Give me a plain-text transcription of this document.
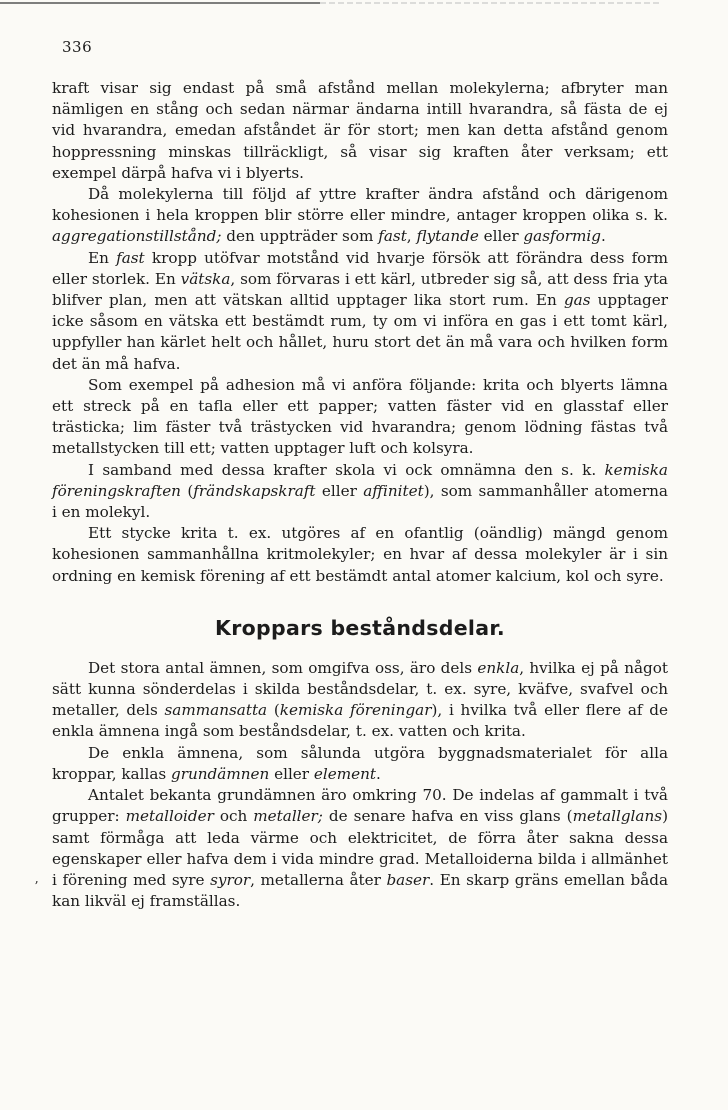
336
ʼ

kraft visar sig endast på små afstånd mellan molekylerna; afbryter man nämligen en stång och sedan närmar ändarna intill hvarandra, så fästa de ej vid hvarandra, emedan afståndet är för stort; men kan detta afstånd genom hoppressning minskas tillräckligt, så visar sig kraften åter verksam; ett exempel därpå hafva vi i blyerts.

Då molekylerna till följd af yttre krafter ändra afstånd och därigenom kohesionen i hela kroppen blir större eller mindre, antager kroppen olika s. k. aggregationstillstånd; den uppträder som fast, flytande eller gasformig.

En fast kropp utöfvar motstånd vid hvarje försök att förändra dess form eller storlek. En vätska, som förvaras i ett kärl, utbreder sig så, att dess fria yta blifver plan, men att vätskan alltid upptager lika stort rum. En gas upptager icke såsom en vätska ett bestämdt rum, ty om vi införa en gas i ett tomt kärl, uppfyller han kärlet helt och hållet, huru stort det än må vara och hvilken form det än må hafva.

Som exempel på adhesion må vi anföra följande: krita och blyerts lämna ett streck på en tafla eller ett papper; vatten fäster vid en glasstaf eller trästicka; lim fäster två trästycken vid hvarandra; genom lödning fästas två metallstycken till ett; vatten upptager luft och kolsyra.

I samband med dessa krafter skola vi ock omnämna den s. k. kemiska föreningskraften (frändskapskraft eller affinitet), som sammanhåller atomerna i en molekyl.

Ett stycke krita t. ex. utgöres af en ofantlig (oändlig) mängd genom kohesionen sammanhållna kritmolekyler; en hvar af dessa molekyler är i sin ordning en kemisk förening af ett bestämdt antal atomer kalcium, kol och syre.

Kroppars beståndsdelar.

Det stora antal ämnen, som omgifva oss, äro dels enkla, hvilka ej på något sätt kunna sönderdelas i skilda beståndsdelar, t. ex. syre, kväfve, svafvel och metaller, dels sammansatta (kemiska föreningar), i hvilka två eller flere af de enkla ämnena ingå som beståndsdelar, t. ex. vatten och krita.

De enkla ämnena, som sålunda utgöra byggnadsmaterialet för alla kroppar, kallas grundämnen eller element.

Antalet bekanta grundämnen äro omkring 70. De indelas af gammalt i två grupper: metalloider och metaller; de senare hafva en viss glans (metallglans) samt förmåga att leda värme och elektricitet, de förra åter sakna dessa egenskaper eller hafva dem i vida mindre grad. Metalloiderna bilda i allmänhet i förening med syre syror, metallerna åter baser. En skarp gräns emellan båda kan likväl ej framställas.
